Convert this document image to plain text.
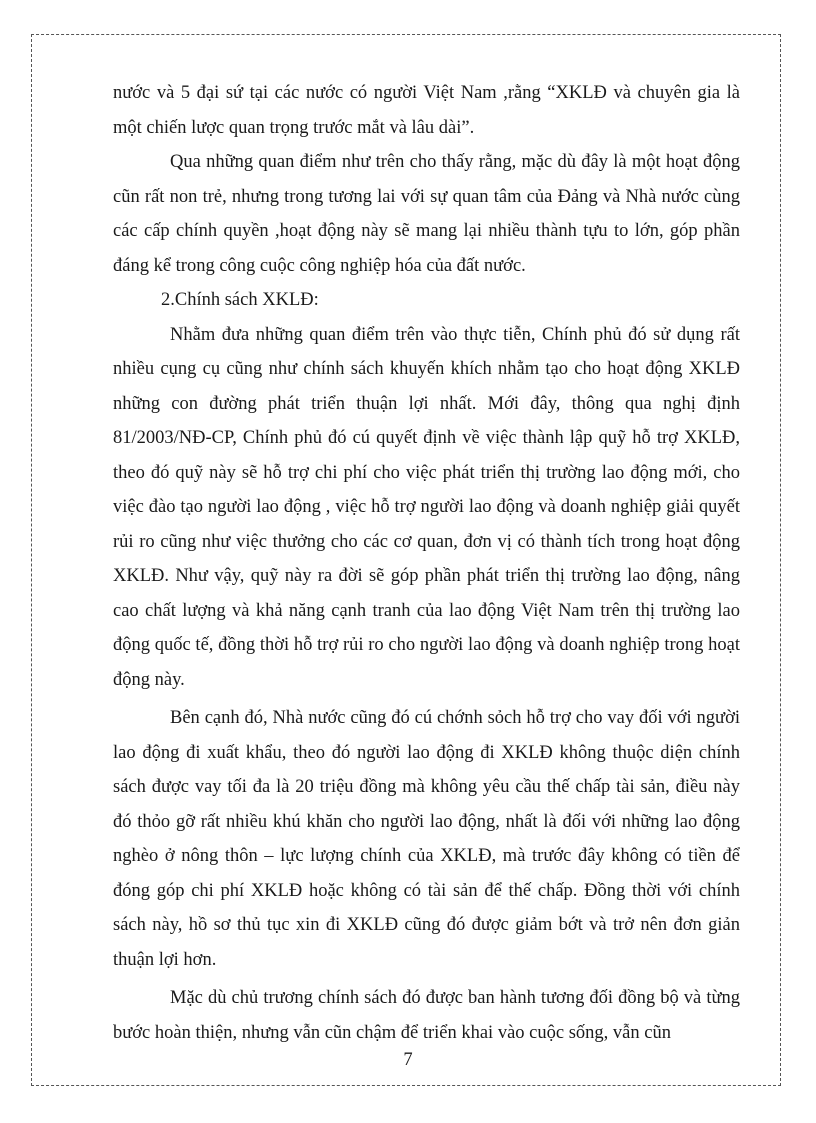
nước và 5 đại sứ tại các nước có người Việt Nam ,rằng “XKLĐ và chuyên gia là một chiến lược quan trọng trước mắt và lâu dài”.

Qua những quan điểm như trên cho thấy rằng, mặc dù đây là một hoạt động cũn rất non trẻ, nhưng trong tương lai với sự quan tâm của Đảng và Nhà nước cùng các cấp chính quyền ,hoạt động này sẽ mang lại nhiều thành tựu to lớn, góp phần đáng kể trong công cuộc công nghiệp hóa của đất nước.

2.Chính sách XKLĐ:

Nhằm đưa những quan điểm trên vào thực tiễn, Chính phủ đó sử dụng rất nhiều cụng cụ cũng như chính sách khuyến khích nhằm tạo cho hoạt động XKLĐ những con đường phát triển thuận lợi nhất. Mới đây, thông qua nghị định 81/2003/NĐ-CP, Chính phủ đó cú quyết định về việc thành lập quỹ hỗ trợ XKLĐ, theo đó quỹ này sẽ hỗ trợ chi phí cho việc phát triển thị trường lao động mới, cho việc đào tạo người lao động , việc hỗ trợ người lao động và doanh nghiệp giải quyết rủi ro cũng như việc thưởng cho các cơ quan, đơn vị có thành tích trong hoạt động XKLĐ. Như vậy, quỹ này ra đời sẽ góp phần phát triển thị trường lao động, nâng cao chất lượng và khả năng cạnh tranh của lao động Việt Nam trên thị trường lao động quốc tế, đồng thời hỗ trợ rủi ro cho người lao động và doanh nghiệp trong hoạt động này.

Bên cạnh đó, Nhà nước cũng đó cú chớnh sỏch hỗ trợ cho vay đối với người lao động đi xuất khẩu, theo đó người lao động đi XKLĐ không thuộc diện chính sách được vay tối đa là 20 triệu đồng mà không yêu cầu thế chấp tài sản, điều này đó thỏo gỡ rất nhiều khú khăn cho người lao động, nhất là đối với những lao động nghèo ở nông thôn – lực lượng chính của XKLĐ, mà trước đây không có tiền để đóng góp chi phí XKLĐ hoặc không có tài sản để thế chấp. Đồng thời với chính sách này, hồ sơ thủ tục xin đi XKLĐ cũng đó được giảm bớt và trở nên đơn giản thuận lợi hơn.

Mặc dù chủ trương chính sách đó được ban hành tương đối đồng bộ và từng bước hoàn thiện, nhưng vẫn cũn chậm để triển khai vào cuộc sống, vẫn cũn

7
